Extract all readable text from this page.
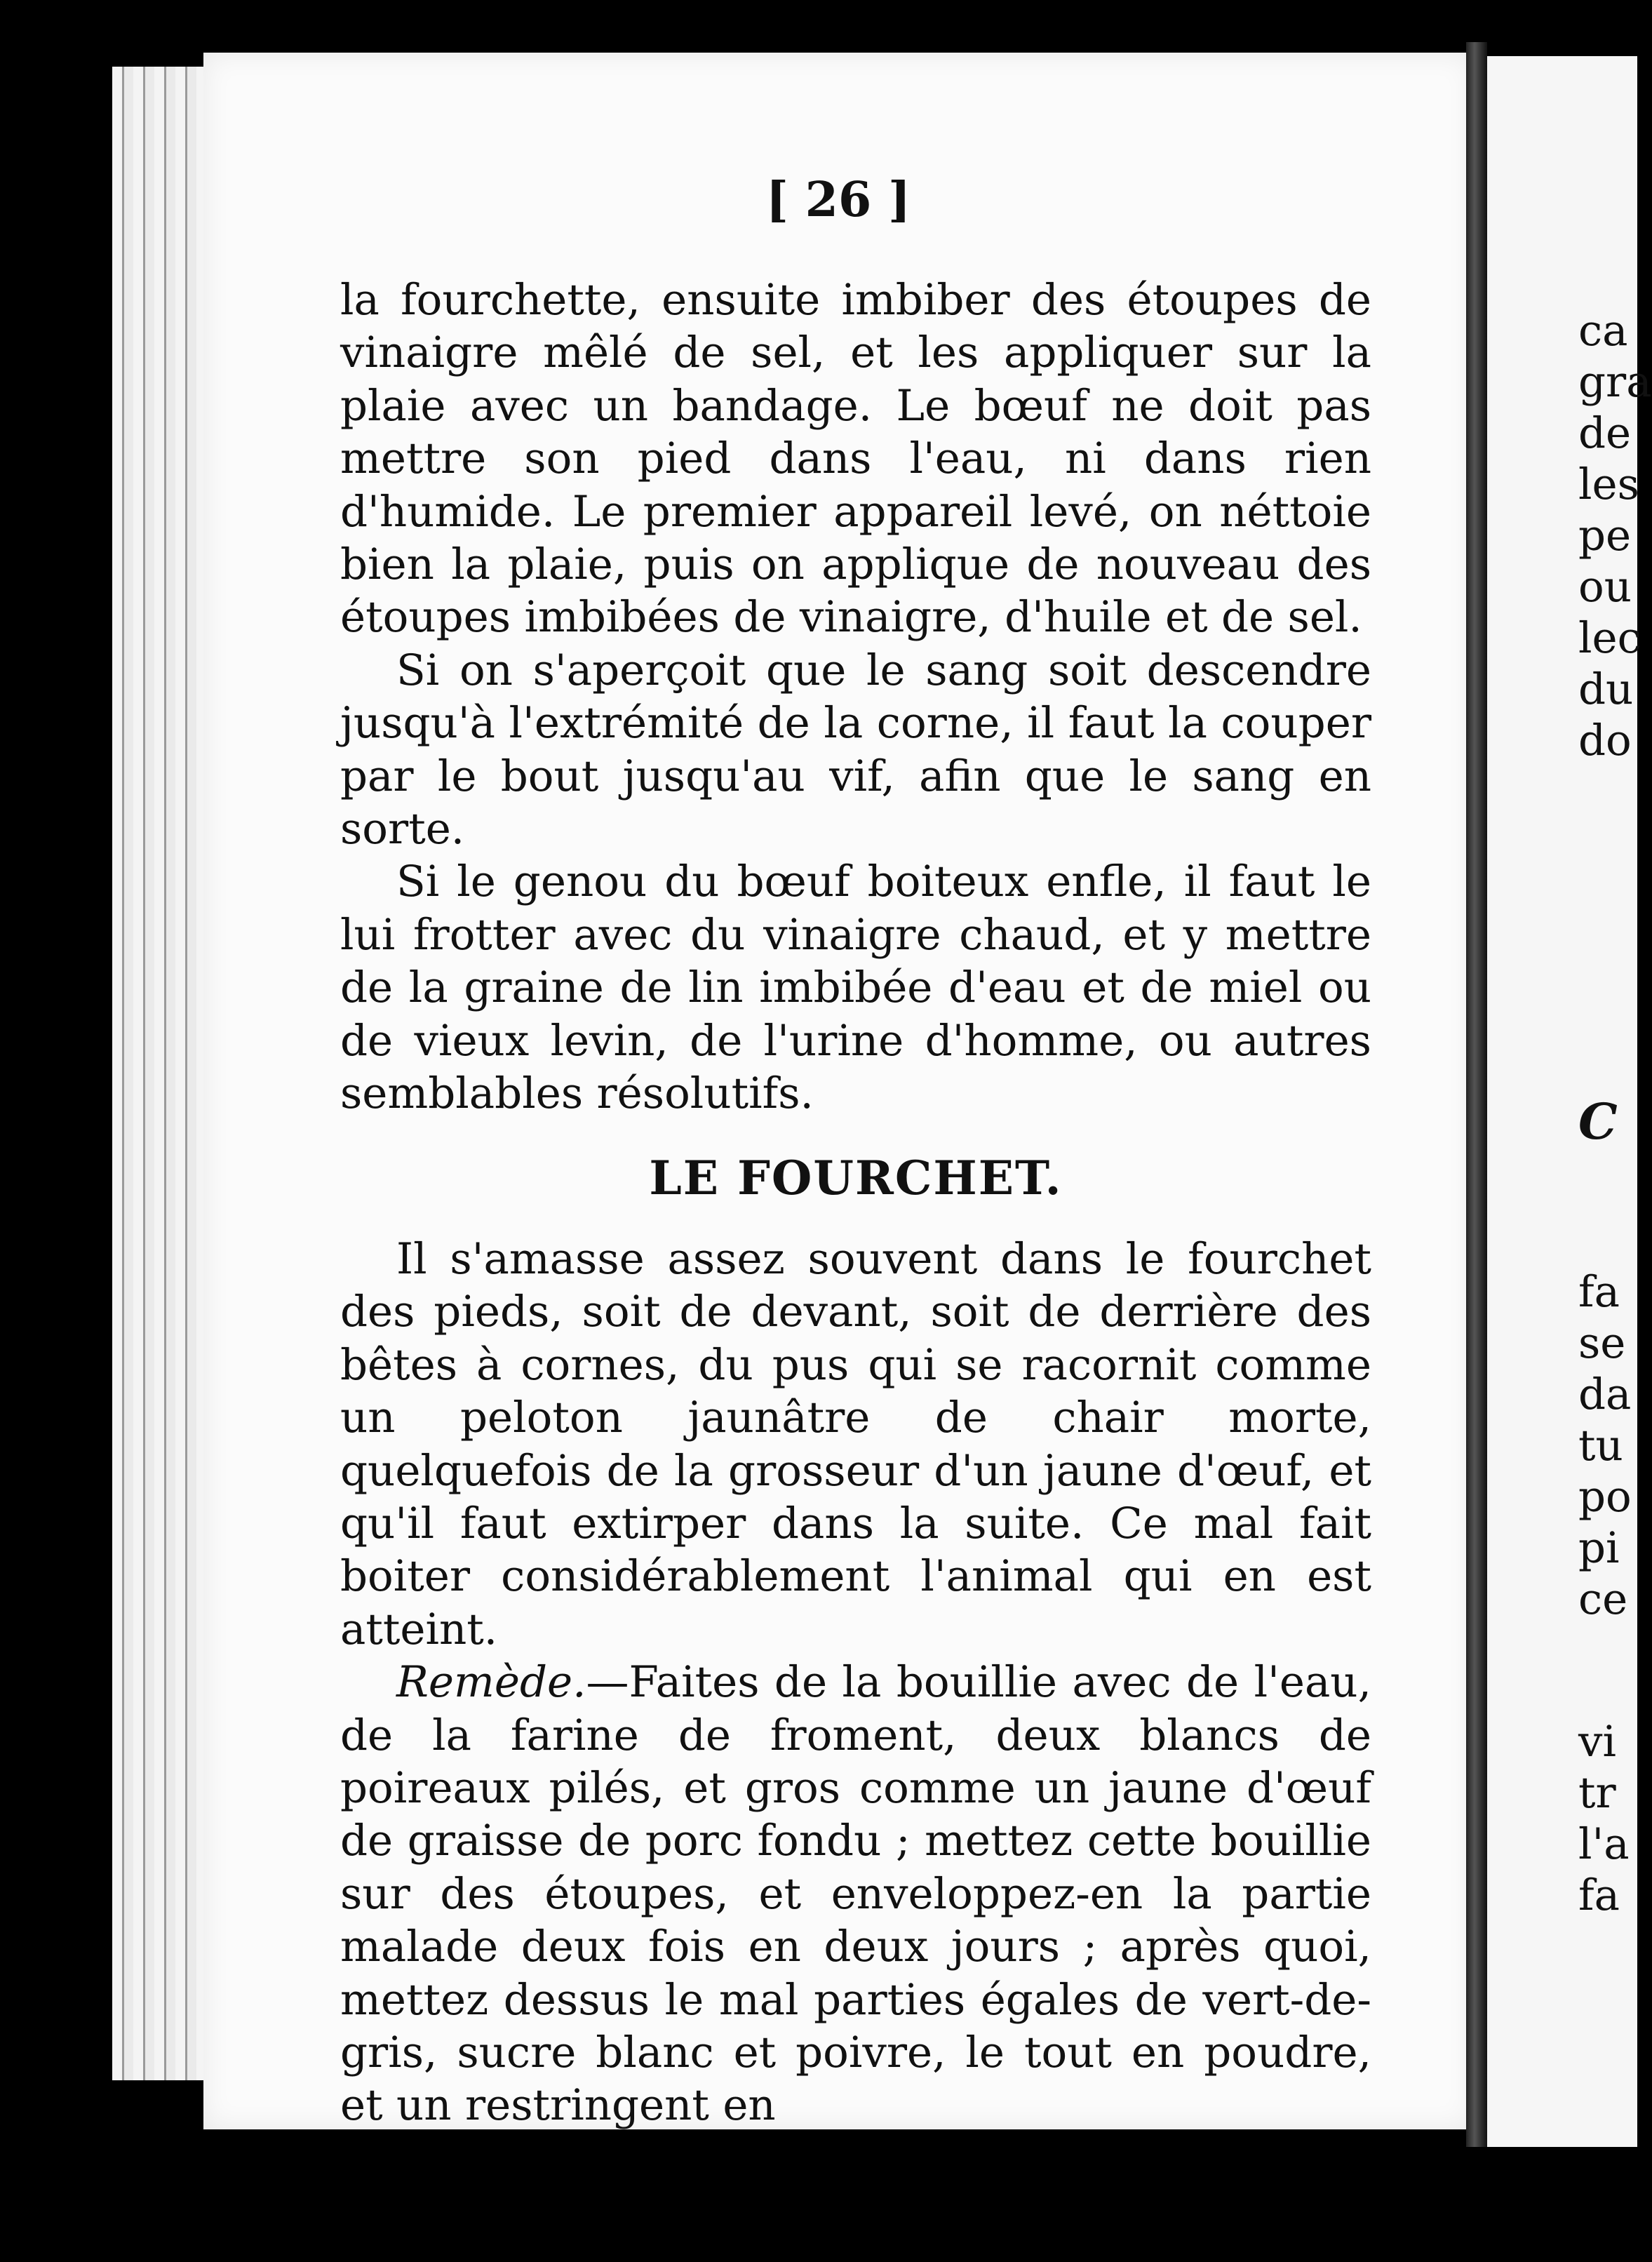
[ 26 ]

la fourchette, ensuite imbiber des étoupes de vinaigre mêlé de sel, et les appliquer sur la plaie avec un bandage. Le bœuf ne doit pas mettre son pied dans l'eau, ni dans rien d'humide. Le premier appareil levé, on néttoie bien la plaie, puis on applique de nouveau des étoupes imbibées de vinaigre, d'huile et de sel.

Si on s'aperçoit que le sang soit descendre jusqu'à l'extrémité de la corne, il faut la couper par le bout jusqu'au vif, afin que le sang en sorte.

Si le genou du bœuf boiteux enfle, il faut le lui frotter avec du vinaigre chaud, et y mettre de la graine de lin imbibée d'eau et de miel ou de vieux levin, de l'urine d'homme, ou autres semblables résolutifs.

LE FOURCHET.

Il s'amasse assez souvent dans le fourchet des pieds, soit de devant, soit de derrière des bêtes à cornes, du pus qui se racornit comme un peloton jaunâtre de chair morte, quelquefois de la grosseur d'un jaune d'œuf, et qu'il faut extirper dans la suite. Ce mal fait boiter considérablement l'animal qui en est atteint.

Remède.—Faites de la bouillie avec de l'eau, de la farine de froment, deux blancs de poireaux pilés, et gros comme un jaune d'œuf de graisse de porc fondu ; mettez cette bouillie sur des étoupes, et enveloppez-en la partie malade deux fois en deux jours ; après quoi, mettez dessus le mal parties égales de vert-de-gris, sucre blanc et poivre, le tout en poudre, et un restringent en

ca
gra
de
les
pe
ou
lec
du
do
C
fa
se
da
tu
po
pi
ce
vi
tr
l'a
fa
